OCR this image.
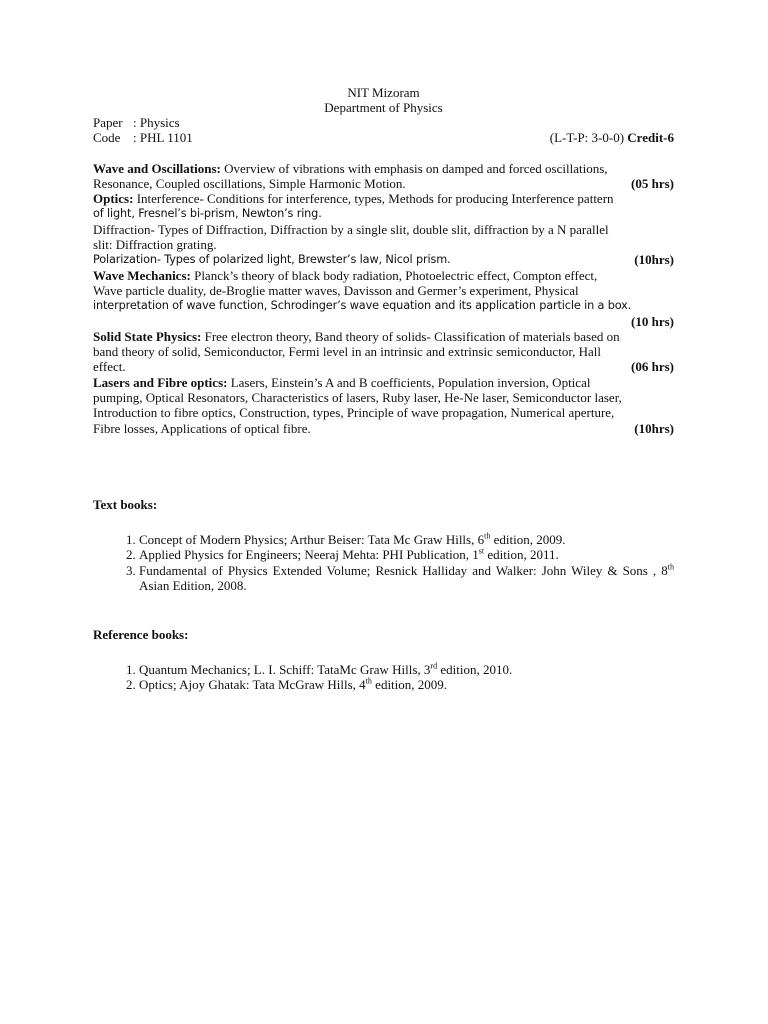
NIT Mizoram
Department of Physics
Paper : Physics
Code : PHL 1101	(L-T-P: 3-0-0) Credit-6
Wave and Oscillations: Overview of vibrations with emphasis on damped and forced oscillations,
Resonance, Coupled oscillations, Simple Harmonic Motion.	(05 hrs)
Optics: Interference- Conditions for interference, types, Methods for producing Interference pattern
of light, Fresnel’s bi-prism, Newton’s ring.
Diffraction- Types of Diffraction, Diffraction by a single slit, double slit, diffraction by a N parallel
slit: Diffraction grating.
Polarization- Types of polarized light, Brewster’s law, Nicol prism.	(10hrs)
Wave Mechanics: Planck’s theory of black body radiation, Photoelectric effect, Compton effect,
Wave particle duality, de-Broglie matter waves, Davisson and Germer’s experiment, Physical
interpretation of wave function, Schrodinger’s wave equation and its application particle in a box.
(10 hrs)
Solid State Physics: Free electron theory, Band theory of solids- Classification of materials based on
band theory of solid, Semiconductor, Fermi level in an intrinsic and extrinsic semiconductor, Hall
effect.	(06 hrs)
Lasers and Fibre optics: Lasers, Einstein’s A and B coefficients, Population inversion, Optical
pumping, Optical Resonators, Characteristics of lasers, Ruby laser, He-Ne laser, Semiconductor laser,
Introduction to fibre optics, Construction, types, Principle of wave propagation, Numerical aperture,
Fibre losses, Applications of optical fibre.	(10hrs)
Text books:
1. Concept of Modern Physics; Arthur Beiser: Tata Mc Graw Hills, 6th edition, 2009.
2. Applied Physics for Engineers; Neeraj Mehta: PHI Publication, 1st edition, 2011.
3. Fundamental of Physics Extended Volume; Resnick Halliday and Walker: John Wiley & Sons , 8th Asian Edition, 2008.
Reference books:
1. Quantum Mechanics; L. I. Schiff: TataMc Graw Hills, 3rd edition, 2010.
2. Optics; Ajoy Ghatak: Tata McGraw Hills, 4th edition, 2009.
